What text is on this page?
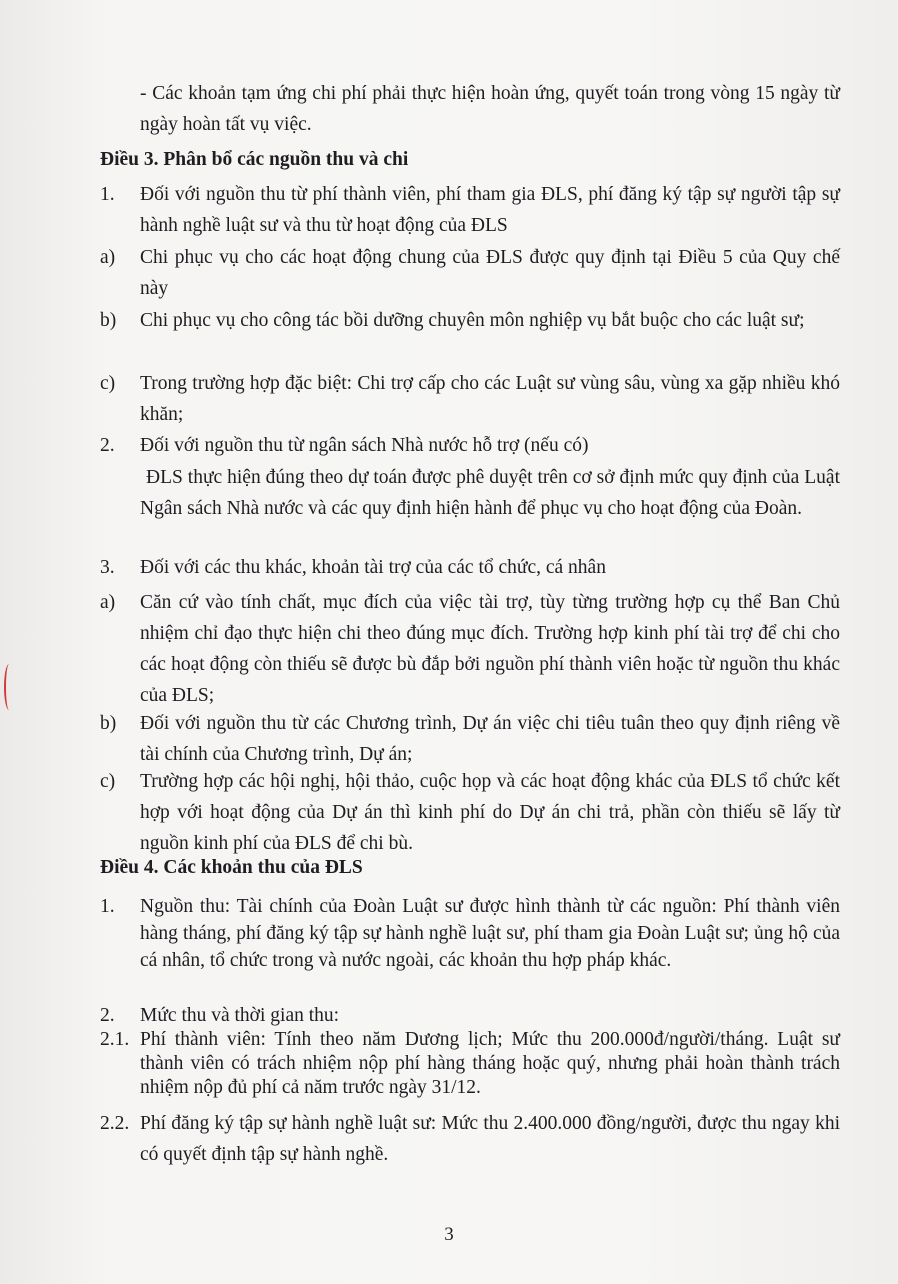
- Các khoản tạm ứng chi phí phải thực hiện hoàn ứng, quyết toán trong vòng 15 ngày từ ngày hoàn tất vụ việc.
Điều 3. Phân bổ các nguồn thu và chi
1. Đối với nguồn thu từ phí thành viên, phí tham gia ĐLS, phí đăng ký tập sự người tập sự hành nghề luật sư và thu từ hoạt động của ĐLS
a) Chi phục vụ cho các hoạt động chung của ĐLS được quy định tại Điều 5 của Quy chế này
b) Chi phục vụ cho công tác bồi dưỡng chuyên môn nghiệp vụ bắt buộc cho các luật sư;
c) Trong trường hợp đặc biệt: Chi trợ cấp cho các Luật sư vùng sâu, vùng xa gặp nhiều khó khăn;
2. Đối với nguồn thu từ ngân sách Nhà nước hỗ trợ (nếu có)
ĐLS thực hiện đúng theo dự toán được phê duyệt trên cơ sở định mức quy định của Luật Ngân sách Nhà nước và các quy định hiện hành để phục vụ cho hoạt động của Đoàn.
3. Đối với các thu khác, khoản tài trợ của các tổ chức, cá nhân
a) Căn cứ vào tính chất, mục đích của việc tài trợ, tùy từng trường hợp cụ thể Ban Chủ nhiệm chỉ đạo thực hiện chi theo đúng mục đích. Trường hợp kinh phí tài trợ để chi cho các hoạt động còn thiếu sẽ được bù đắp bởi nguồn phí thành viên hoặc từ nguồn thu khác của ĐLS;
b) Đối với nguồn thu từ các Chương trình, Dự án việc chi tiêu tuân theo quy định riêng về tài chính của Chương trình, Dự án;
c) Trường hợp các hội nghị, hội thảo, cuộc họp và các hoạt động khác của ĐLS tổ chức kết hợp với hoạt động của Dự án thì kinh phí do Dự án chi trả, phần còn thiếu sẽ lấy từ nguồn kinh phí của ĐLS để chi bù.
Điều 4. Các khoản thu của ĐLS
1. Nguồn thu: Tài chính của Đoàn Luật sư được hình thành từ các nguồn: Phí thành viên hàng tháng, phí đăng ký tập sự hành nghề luật sư, phí tham gia Đoàn Luật sư; ủng hộ của cá nhân, tổ chức trong và nước ngoài, các khoản thu hợp pháp khác.
2. Mức thu và thời gian thu:
2.1. Phí thành viên: Tính theo năm Dương lịch; Mức thu 200.000đ/người/tháng. Luật sư thành viên có trách nhiệm nộp phí hàng tháng hoặc quý, nhưng phải hoàn thành trách nhiệm nộp đủ phí cả năm trước ngày 31/12.
2.2. Phí đăng ký tập sự hành nghề luật sư: Mức thu 2.400.000 đồng/người, được thu ngay khi có quyết định tập sự hành nghề.
3
